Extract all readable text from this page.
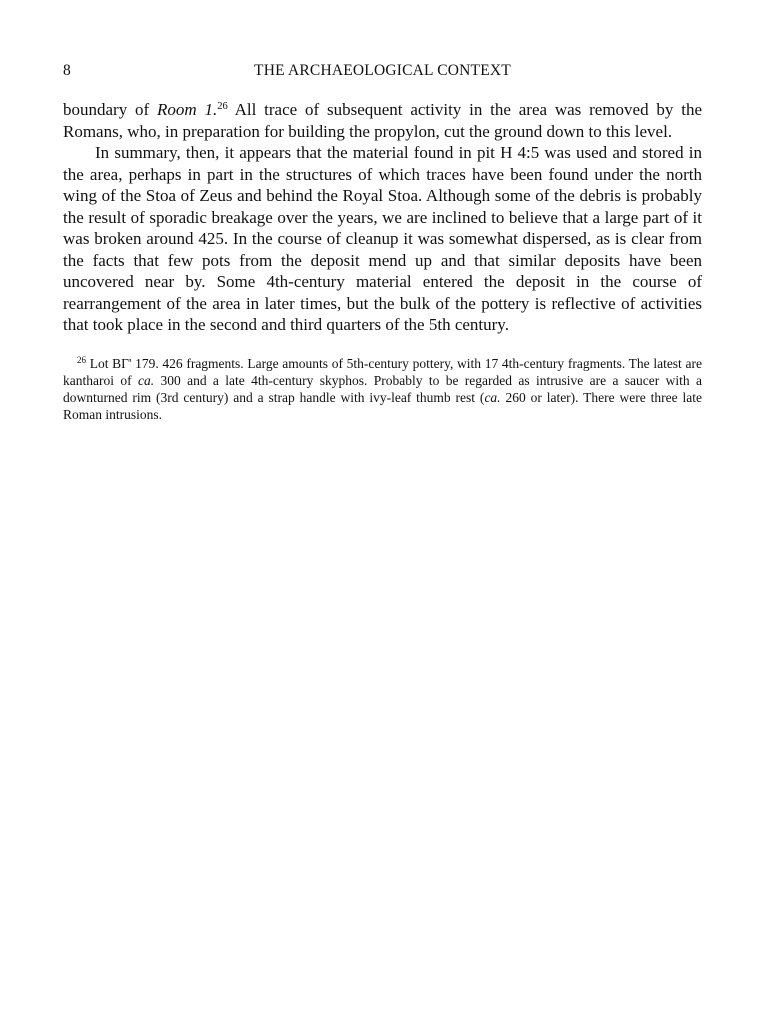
8	THE ARCHAEOLOGICAL CONTEXT

boundary of Room 1.26 All trace of subsequent activity in the area was removed by the Romans, who, in preparation for building the propylon, cut the ground down to this level.

In summary, then, it appears that the material found in pit H 4:5 was used and stored in the area, perhaps in part in the structures of which traces have been found under the north wing of the Stoa of Zeus and behind the Royal Stoa. Although some of the debris is probably the result of sporadic breakage over the years, we are inclined to believe that a large part of it was broken around 425. In the course of cleanup it was somewhat dispersed, as is clear from the facts that few pots from the deposit mend up and that similar deposits have been uncovered near by. Some 4th-century material entered the deposit in the course of rearrangement of the area in later times, but the bulk of the pottery is reflective of activities that took place in the second and third quarters of the 5th century.

$^{26}$ Lot BΓ' 179. 426 fragments. Large amounts of 5th-century pottery, with 17 4th-century fragments. The latest are kantharoi of ca. 300 and a late 4th-century skyphos. Probably to be regarded as intrusive are a saucer with a downturned rim (3rd century) and a strap handle with ivy-leaf thumb rest (ca. 260 or later). There were three late Roman intrusions.
